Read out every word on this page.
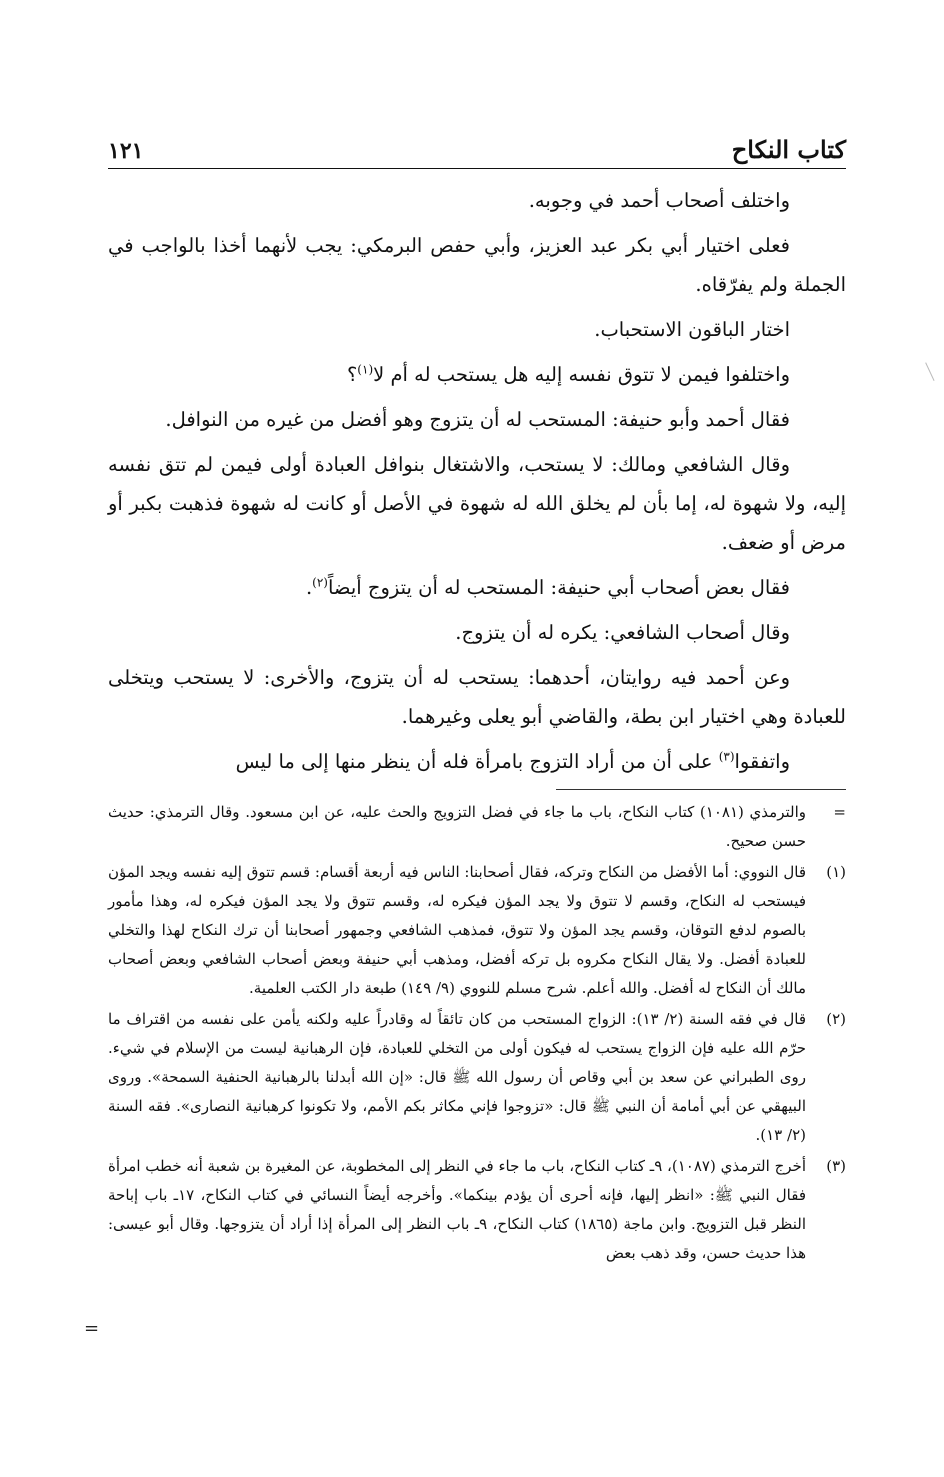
كتاب النكاح
١٢١

واختلف أصحاب أحمد في وجوبه.

فعلى اختيار أبي بكر عبد العزيز، وأبي حفص البرمكي: يجب لأنهما أخذا بالواجب في الجملة ولم يفرّقاه.

اختار الباقون الاستحباب.

واختلفوا فيمن لا تتوق نفسه إليه هل يستحب له أم لا$^{(١)}$؟

فقال أحمد وأبو حنيفة: المستحب له أن يتزوج وهو أفضل من غيره من النوافل.

وقال الشافعي ومالك: لا يستحب، والاشتغال بنوافل العبادة أولى فيمن لم تتق نفسه إليه، ولا شهوة له، إما بأن لم يخلق الله له شهوة في الأصل أو كانت له شهوة فذهبت بكبر أو مرض أو ضعف.

فقال بعض أصحاب أبي حنيفة: المستحب له أن يتزوج أيضاً$^{(٢)}$.

وقال أصحاب الشافعي: يكره له أن يتزوج.

وعن أحمد فيه روايتان، أحدهما: يستحب له أن يتزوج، والأخرى: لا يستحب ويتخلى للعبادة وهي اختيار ابن بطة، والقاضي أبو يعلى وغيرهما.

واتفقوا$^{(٣)}$ على أن من أراد التزوج بامرأة فله أن ينظر منها إلى ما ليس

=
والترمذي (١٠٨١) كتاب النكاح، باب ما جاء في فضل التزويج والحث عليه، عن ابن مسعود. وقال الترمذي: حديث حسن صحيح.
(١)
قال النووي: أما الأفضل من النكاح وتركه، فقال أصحابنا: الناس فيه أربعة أقسام: قسم تتوق إليه نفسه ويجد المؤن فيستحب له النكاح، وقسم لا تتوق ولا يجد المؤن فيكره له، وقسم تتوق ولا يجد المؤن فيكره له، وهذا مأمور بالصوم لدفع التوقان، وقسم يجد المؤن ولا تتوق، فمذهب الشافعي وجمهور أصحابنا أن ترك النكاح لهذا والتخلي للعبادة أفضل. ولا يقال النكاح مكروه بل تركه أفضل، ومذهب أبي حنيفة وبعض أصحاب الشافعي وبعض أصحاب مالك أن النكاح له أفضل. والله أعلم. شرح مسلم للنووي (٩/ ١٤٩) طبعة دار الكتب العلمية.
(٢)
قال في فقه السنة (٢/ ١٣): الزواج المستحب من كان تائقاً له وقادراً عليه ولكنه يأمن على نفسه من اقتراف ما حرّم الله عليه فإن الزواج يستحب له فيكون أولى من التخلي للعبادة، فإن الرهبانية ليست من الإسلام في شيء. روى الطبراني عن سعد بن أبي وقاص أن رسول الله ﷺ قال: «إن الله أبدلنا بالرهبانية الحنفية السمحة». وروى البيهقي عن أبي أمامة أن النبي ﷺ قال: «تزوجوا فإني مكاثر بكم الأمم، ولا تكونوا كرهبانية النصارى». فقه السنة (٢/ ١٣).
(٣)
أخرج الترمذي (١٠٨٧)، ٩ـ كتاب النكاح، باب ما جاء في النظر إلى المخطوبة، عن المغيرة بن شعبة أنه خطب امرأة فقال النبي ﷺ: «انظر إليها، فإنه أحرى أن يؤدم بينكما». وأخرجه أيضاً النسائي في كتاب النكاح، ١٧ـ باب إباحة النظر قبل التزويج. وابن ماجة (١٨٦٥) كتاب النكاح، ٩ـ باب النظر إلى المرأة إذا أراد أن يتزوجها. وقال أبو عيسى: هذا حديث حسن، وقد ذهب بعض
=
